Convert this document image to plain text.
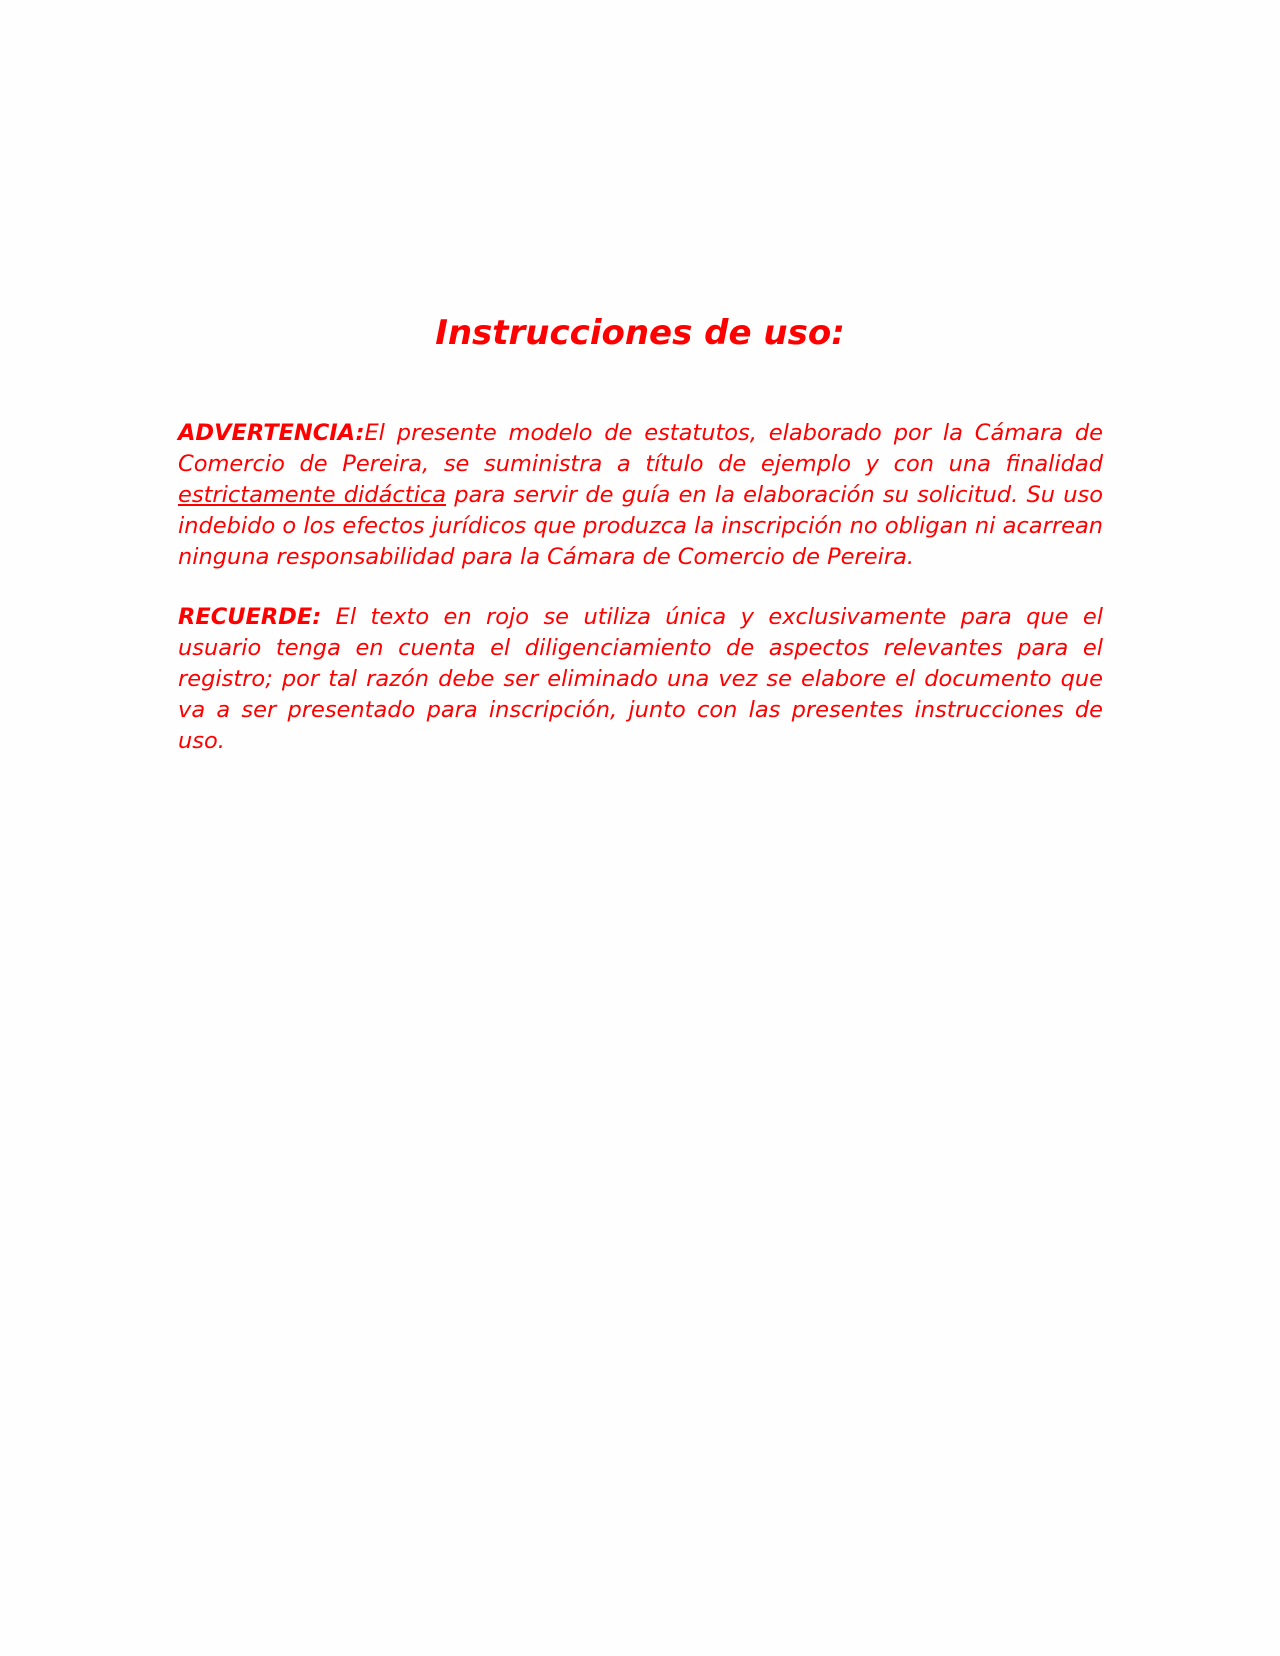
Instrucciones de uso:

ADVERTENCIA:El presente modelo de estatutos, elaborado por la Cámara de Comercio de Pereira, se suministra a título de ejemplo y con una finalidad estrictamente didáctica para servir de guía en la elaboración su solicitud. Su uso indebido o los efectos jurídicos que produzca la inscripción no obligan ni acarrean ninguna responsabilidad para la Cámara de Comercio de Pereira.

RECUERDE: El texto en rojo se utiliza única y exclusivamente para que el usuario tenga en cuenta el diligenciamiento de aspectos relevantes para el registro; por tal razón debe ser eliminado una vez se elabore el documento que va a ser presentado para inscripción, junto con las presentes instrucciones de uso.
